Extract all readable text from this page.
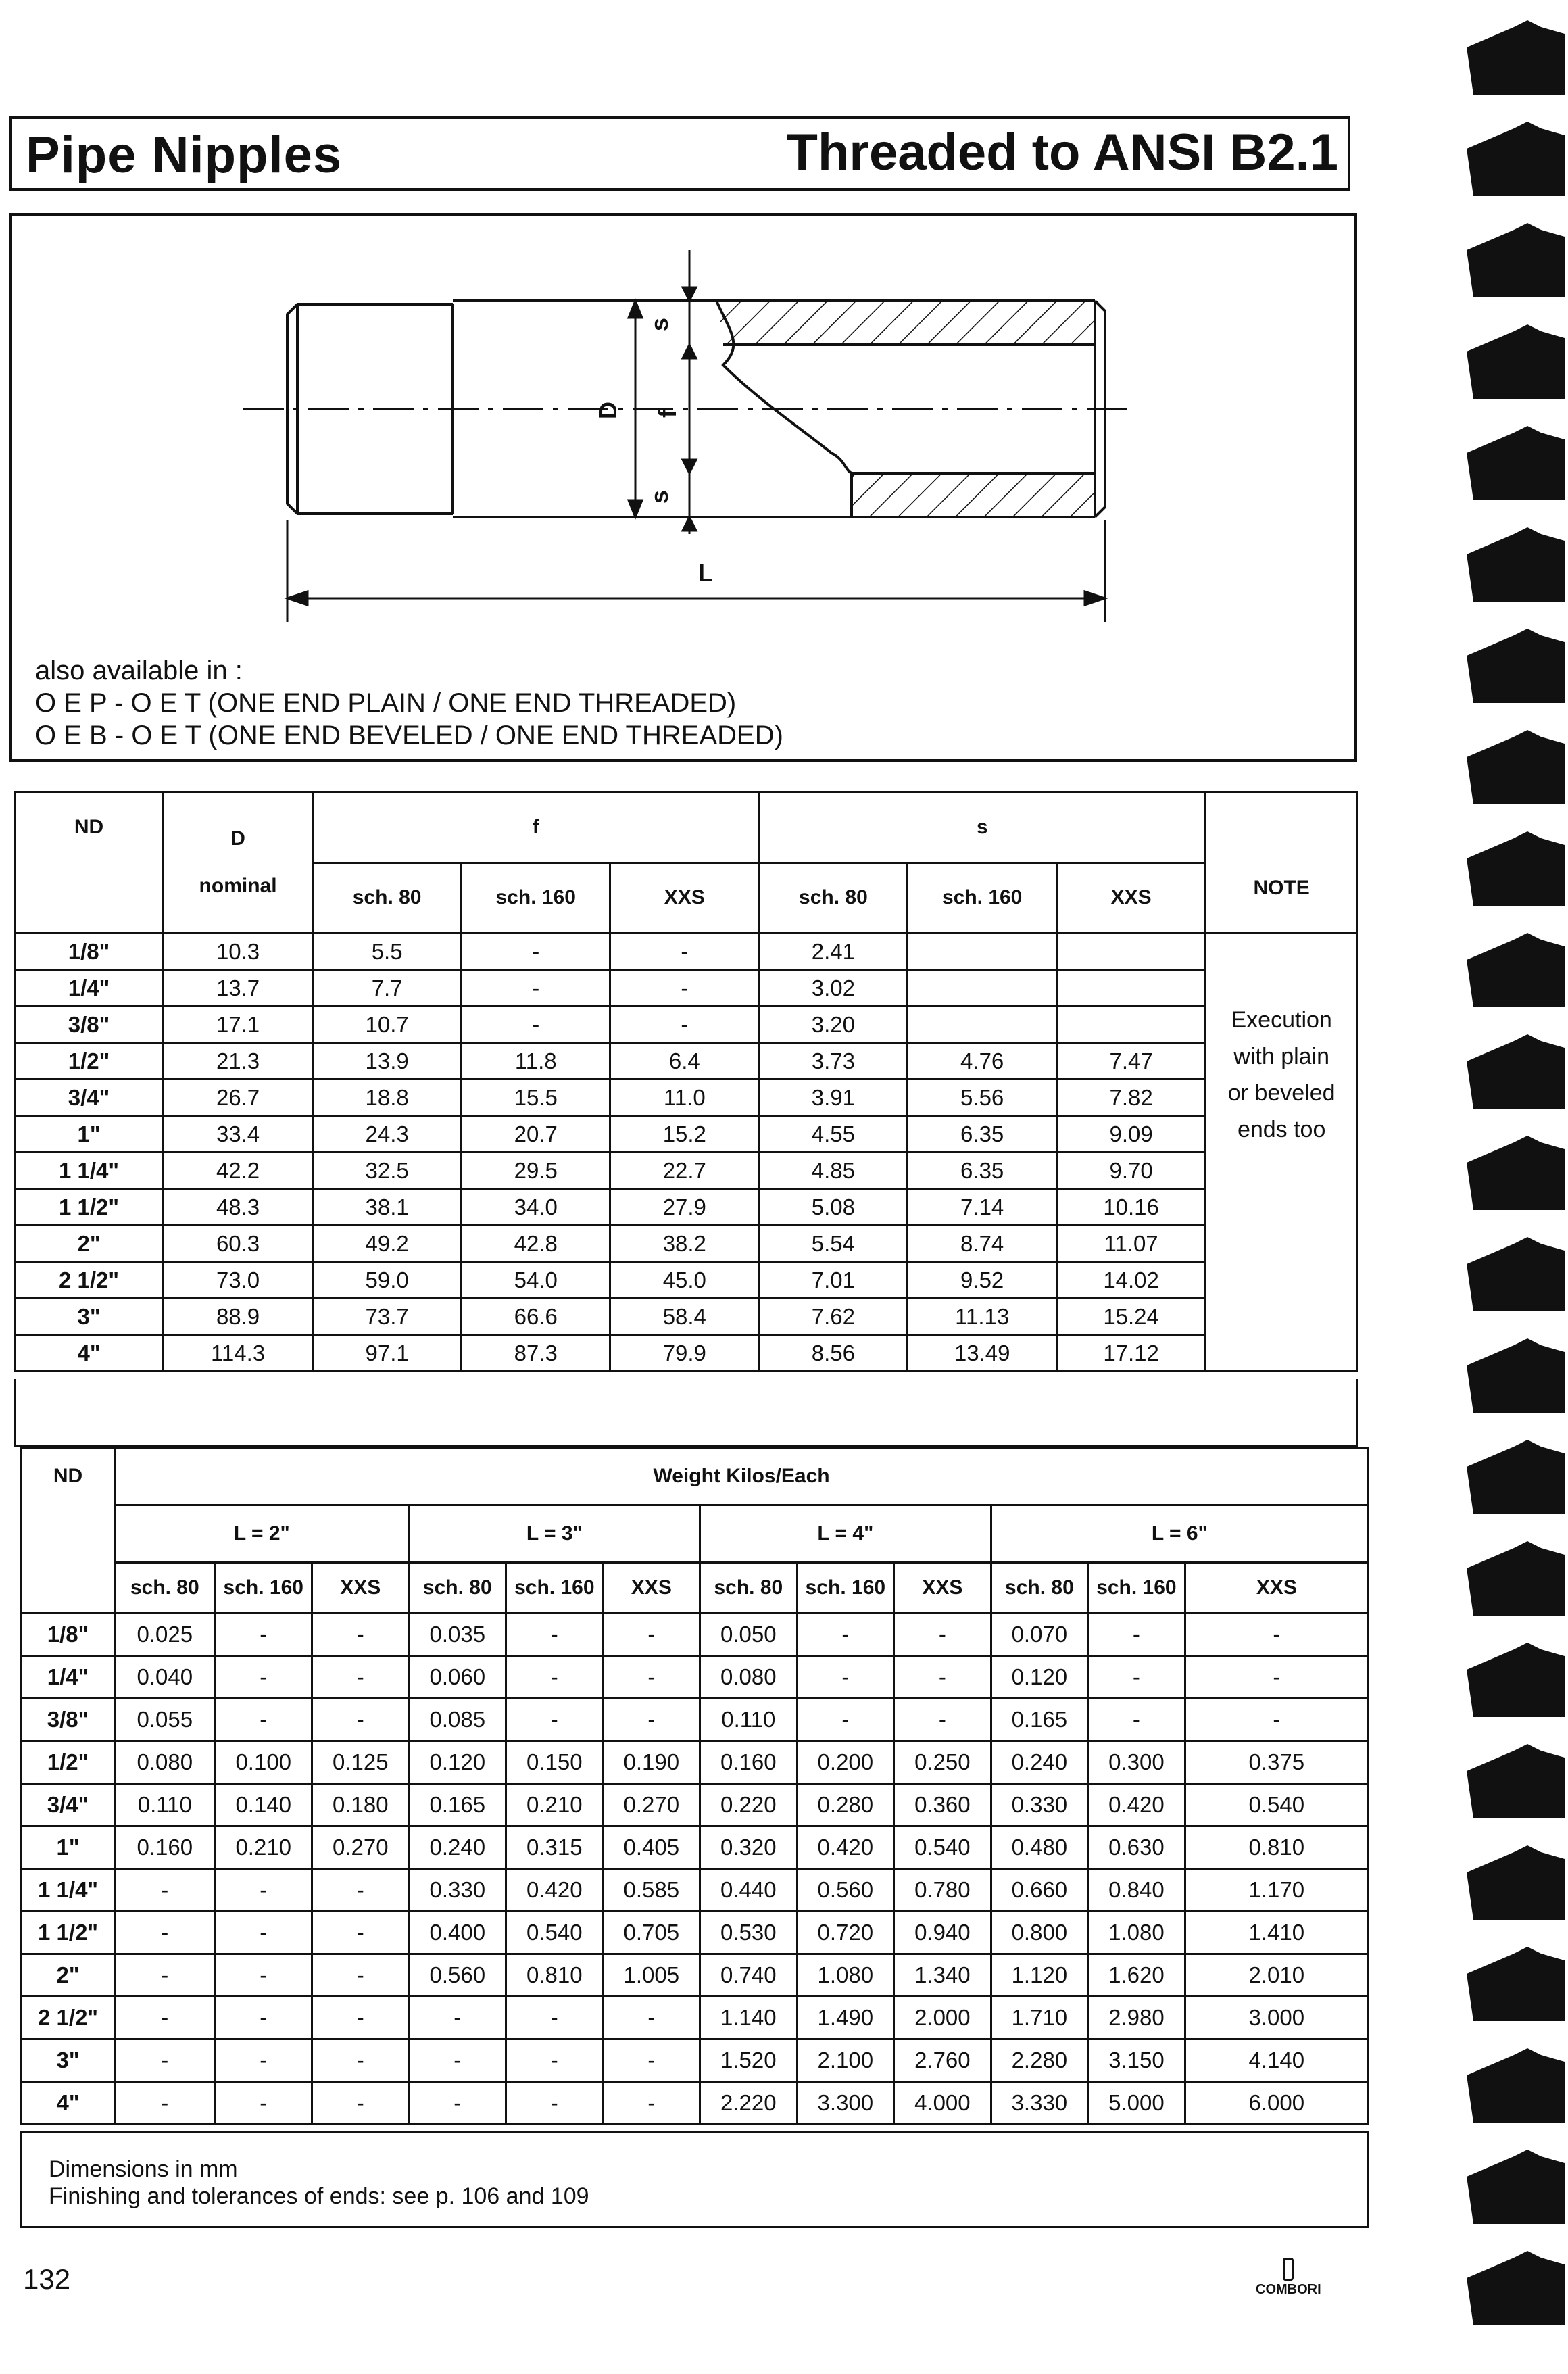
Pipe Nipples	Threaded to ANSI B2.1
s
D f
s
L
also available in :
O E P - O E T (ONE END PLAIN / ONE END THREADED)
O E B - O E T (ONE END BEVELED / ONE END THREADED)
ND	D
nominal	f			s			NOTE
		sch. 80	sch. 160	XXS	sch. 80	sch. 160	XXS	
1/8"	10.3	5.5	-	-	2.41			Execution
with plain
or beveled
ends too

1/4"	13.7	7.7	-	-	3.02			
3/8"	17.1	10.7	-	-	3.20			
1/2"	21.3	13.9	11.8	6.4	3.73	4.76	7.47	
3/4"	26.7	18.8	15.5	11.0	3.91	5.56	7.82	
1"	33.4	24.3	20.7	15.2	4.55	6.35	9.09	
1 1/4"	42.2	32.5	29.5	22.7	4.85	6.35	9.70	
1 1/2"	48.3	38.1	34.0	27.9	5.08	7.14	10.16	
2"	60.3	49.2	42.8	38.2	5.54	8.74	11.07	
2 1/2"	73.0	59.0	54.0	45.0	7.01	9.52	14.02	
3"	88.9	73.7	66.6	58.4	7.62	11.13	15.24	
4"	114.3	97.1	87.3	79.9	8.56	13.49	17.12	
ND	Weight Kilos/Each											
	L = 2"			L = 3"			L = 4"			L = 6"		
	sch. 80	sch. 160	XXS	sch. 80	sch. 160	XXS	sch. 80	sch. 160	XXS	sch. 80	sch. 160	XXS
1/8"	0.025	-	-	0.035	-	-	0.050	-	-	0.070	-	-
1/4"	0.040	-	-	0.060	-	-	0.080	-	-	0.120	-	-
3/8"	0.055	-	-	0.085	-	-	0.110	-	-	0.165	-	-
1/2"	0.080	0.100	0.125	0.120	0.150	0.190	0.160	0.200	0.250	0.240	0.300	0.375
3/4"	0.110	0.140	0.180	0.165	0.210	0.270	0.220	0.280	0.360	0.330	0.420	0.540
1"	0.160	0.210	0.270	0.240	0.315	0.405	0.320	0.420	0.540	0.480	0.630	0.810
1 1/4"	-	-	-	0.330	0.420	0.585	0.440	0.560	0.780	0.660	0.840	1.170
1 1/2"	-	-	-	0.400	0.540	0.705	0.530	0.720	0.940	0.800	1.080	1.410
2"	-	-	-	0.560	0.810	1.005	0.740	1.080	1.340	1.120	1.620	2.010
2 1/2"	-	-	-	-	-	-	1.140	1.490	2.000	1.710	2.980	3.000
3"	-	-	-	-	-	-	1.520	2.100	2.760	2.280	3.150	4.140
4"	-	-	-	-	-	-	2.220	3.300	4.000	3.330	5.000	6.000
Dimensions in mm
Finishing and tolerances of ends: see p. 106 and 109
132	COMBORI
